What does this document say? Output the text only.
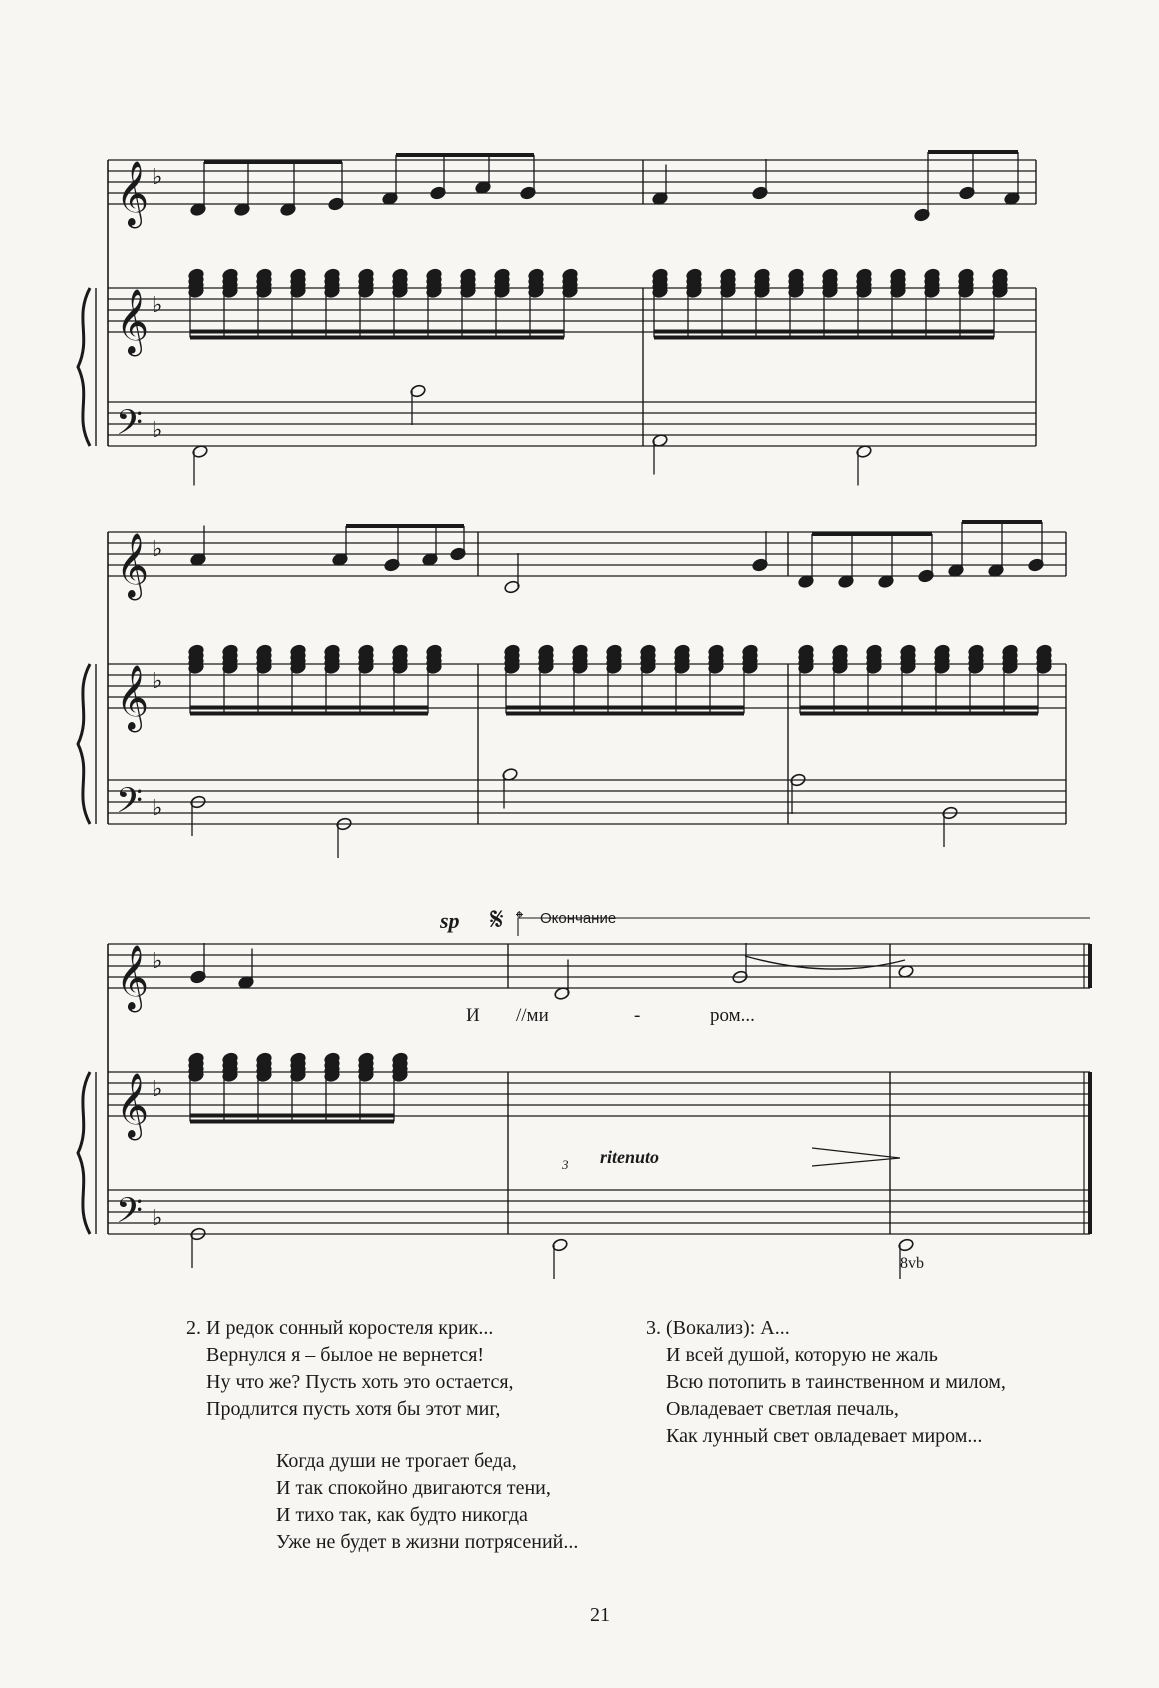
𝄞
𝄞
𝄢
♭
♭
♭
𝄞
𝄞
𝄢
♭
♭
♭
𝄞
𝄞
𝄢
♭
♭
♭
sp 𝄋 𝄌 Окончание
ritenuto
3
8vb
И //ми	-	ром...
2. И редок сонный коростеля крик...
Вернулся я – былое не вернется!
Ну что же? Пусть хоть это остается,
Продлится пусть хотя бы этот миг,
Когда души не трогает беда,
И так спокойно двигаются тени,
И тихо так, как будто никогда
Уже не будет в жизни потрясений...
3. (Вокализ): А...
И всей душой, которую не жаль
Всю потопить в таинственном и милом,
Овладевает светлая печаль,
Как лунный свет овладевает миром...
21
